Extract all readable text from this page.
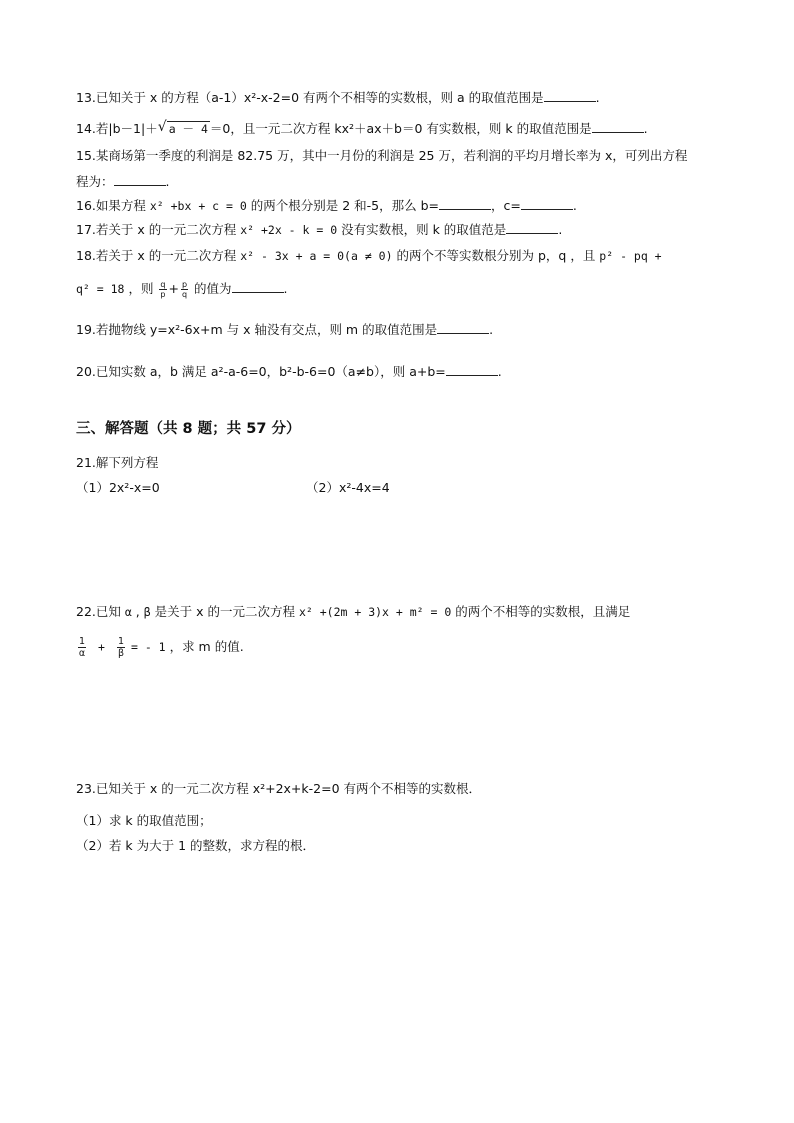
13.已知关于 x 的方程（a-1）x²-x-2=0 有两个不相等的实数根，则 a 的取值范围是	.
14.若|b－1|＋ √ a － 4 ＝0，且一元二次方程 kx²＋ax＋b＝0 有实数根，则 k 的取值范围是	.
15.某商场第一季度的利润是 82.75 万，其中一月份的利润是 25 万，若利润的平均月增长率为 x，可列出方程
程为：	.
16.如果方程 x² +bx + c = 0 的两个根分别是 2 和-5，那么 b=	，c=	.
17.若关于 x 的一元二次方程 x² +2x - k = 0 没有实数根，则 k 的取值范是	.
18.若关于 x 的一元二次方程 x² - 3x + a = 0(a ≠ 0) 的两个不等实数根分别为 p，q ，且 p² - pq +
q² = 18 ，则 $\frac{q}{p} + \frac{p}{q}$ 的值为	.
19.若抛物线 y=x²-6x+m 与 x 轴没有交点，则 m 的取值范围是	.
20.已知实数 a，b 满足 a²-a-6=0，b²-b-6=0（a≠b），则 a+b=	.
三、解答题（共 8 题；共 57 分）
21.解下列方程
（1）2x²-x=0	（2）x²-4x=4
22.已知 α , β 是关于 x 的一元二次方程 x² +(2m + 3)x + m² = 0 的两个不相等的实数根，且满足
$\frac{1}{\alpha} + \frac{1}{\beta}$ = - 1 ，求 m 的值.
23.已知关于 x 的一元二次方程 x²+2x+k-2=0 有两个不相等的实数根．
（1）求 k 的取值范围；
（2）若 k 为大于 1 的整数，求方程的根．
